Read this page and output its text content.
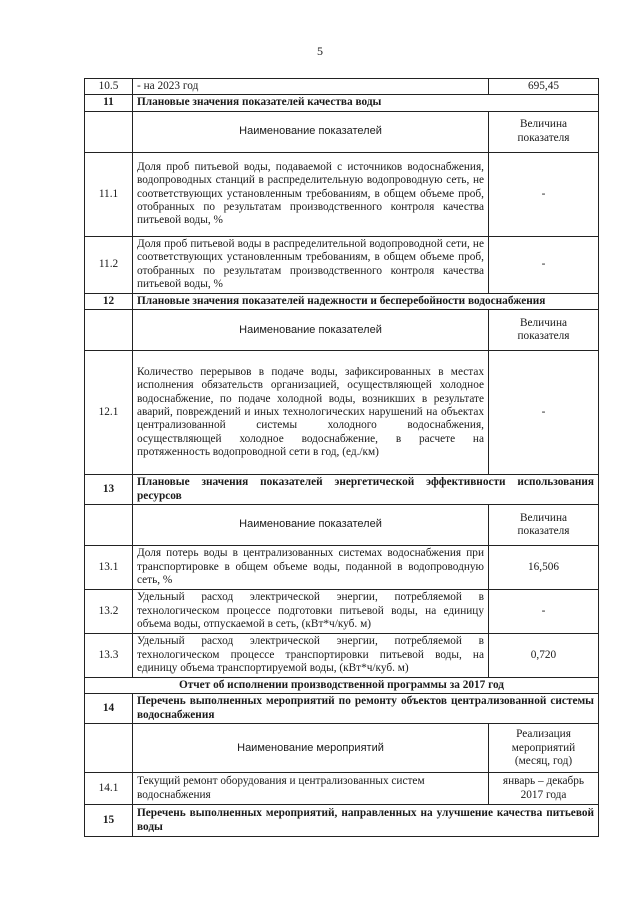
5
10.5	- на 2023 год	695,45
11	Плановые значения показателей качества воды	
	Наименование показателей	Величина показателя
11.1	Доля проб питьевой воды, подаваемой с источников водоснабжения, водопроводных станций в распределительную водопроводную сеть, не соответствующих установленным требованиям, в общем объеме проб, отобранных по результатам производственного контроля качества питьевой воды, %	-
11.2	Доля проб питьевой воды в распределительной водопроводной сети, не соответствующих установленным требованиям, в общем объеме проб, отобранных по результатам производственного контроля качества питьевой воды, %	-
12	Плановые значения показателей надежности и бесперебойности водоснабжения	
	Наименование показателей	Величина показателя
12.1	Количество перерывов в подаче воды, зафиксированных в местах исполнения обязательств организацией, осуществляющей холодное водоснабжение, по подаче холодной воды, возникших в результате аварий, повреждений и иных технологических нарушений на объектах централизованной системы холодного водоснабжения, осуществляющей холодное водоснабжение, в расчете на протяженность водопроводной сети в год, (ед./км)	-
13	Плановые значения показателей энергетической эффективности использования ресурсов	
	Наименование показателей	Величина показателя
13.1	Доля потерь воды в централизованных системах водоснабжения при транспортировке в общем объеме воды, поданной в водопроводную сеть, %	16,506
13.2	Удельный расход электрической энергии, потребляемой в технологическом процессе подготовки питьевой воды, на единицу объема воды, отпускаемой в сеть, (кВт*ч/куб. м)	-
13.3	Удельный расход электрической энергии, потребляемой в технологическом процессе транспортировки питьевой воды, на единицу объема транспортируемой воды, (кВт*ч/куб. м)	0,720
Отчет об исполнении производственной программы за 2017 год		
14	Перечень выполненных мероприятий по ремонту объектов централизованной системы водоснабжения	
	Наименование мероприятий	Реализация мероприятий (месяц, год)
14.1	Текущий ремонт оборудования и централизованных систем водоснабжения	январь – декабрь 2017 года
15	Перечень выполненных мероприятий, направленных на улучшение качества питьевой воды	
